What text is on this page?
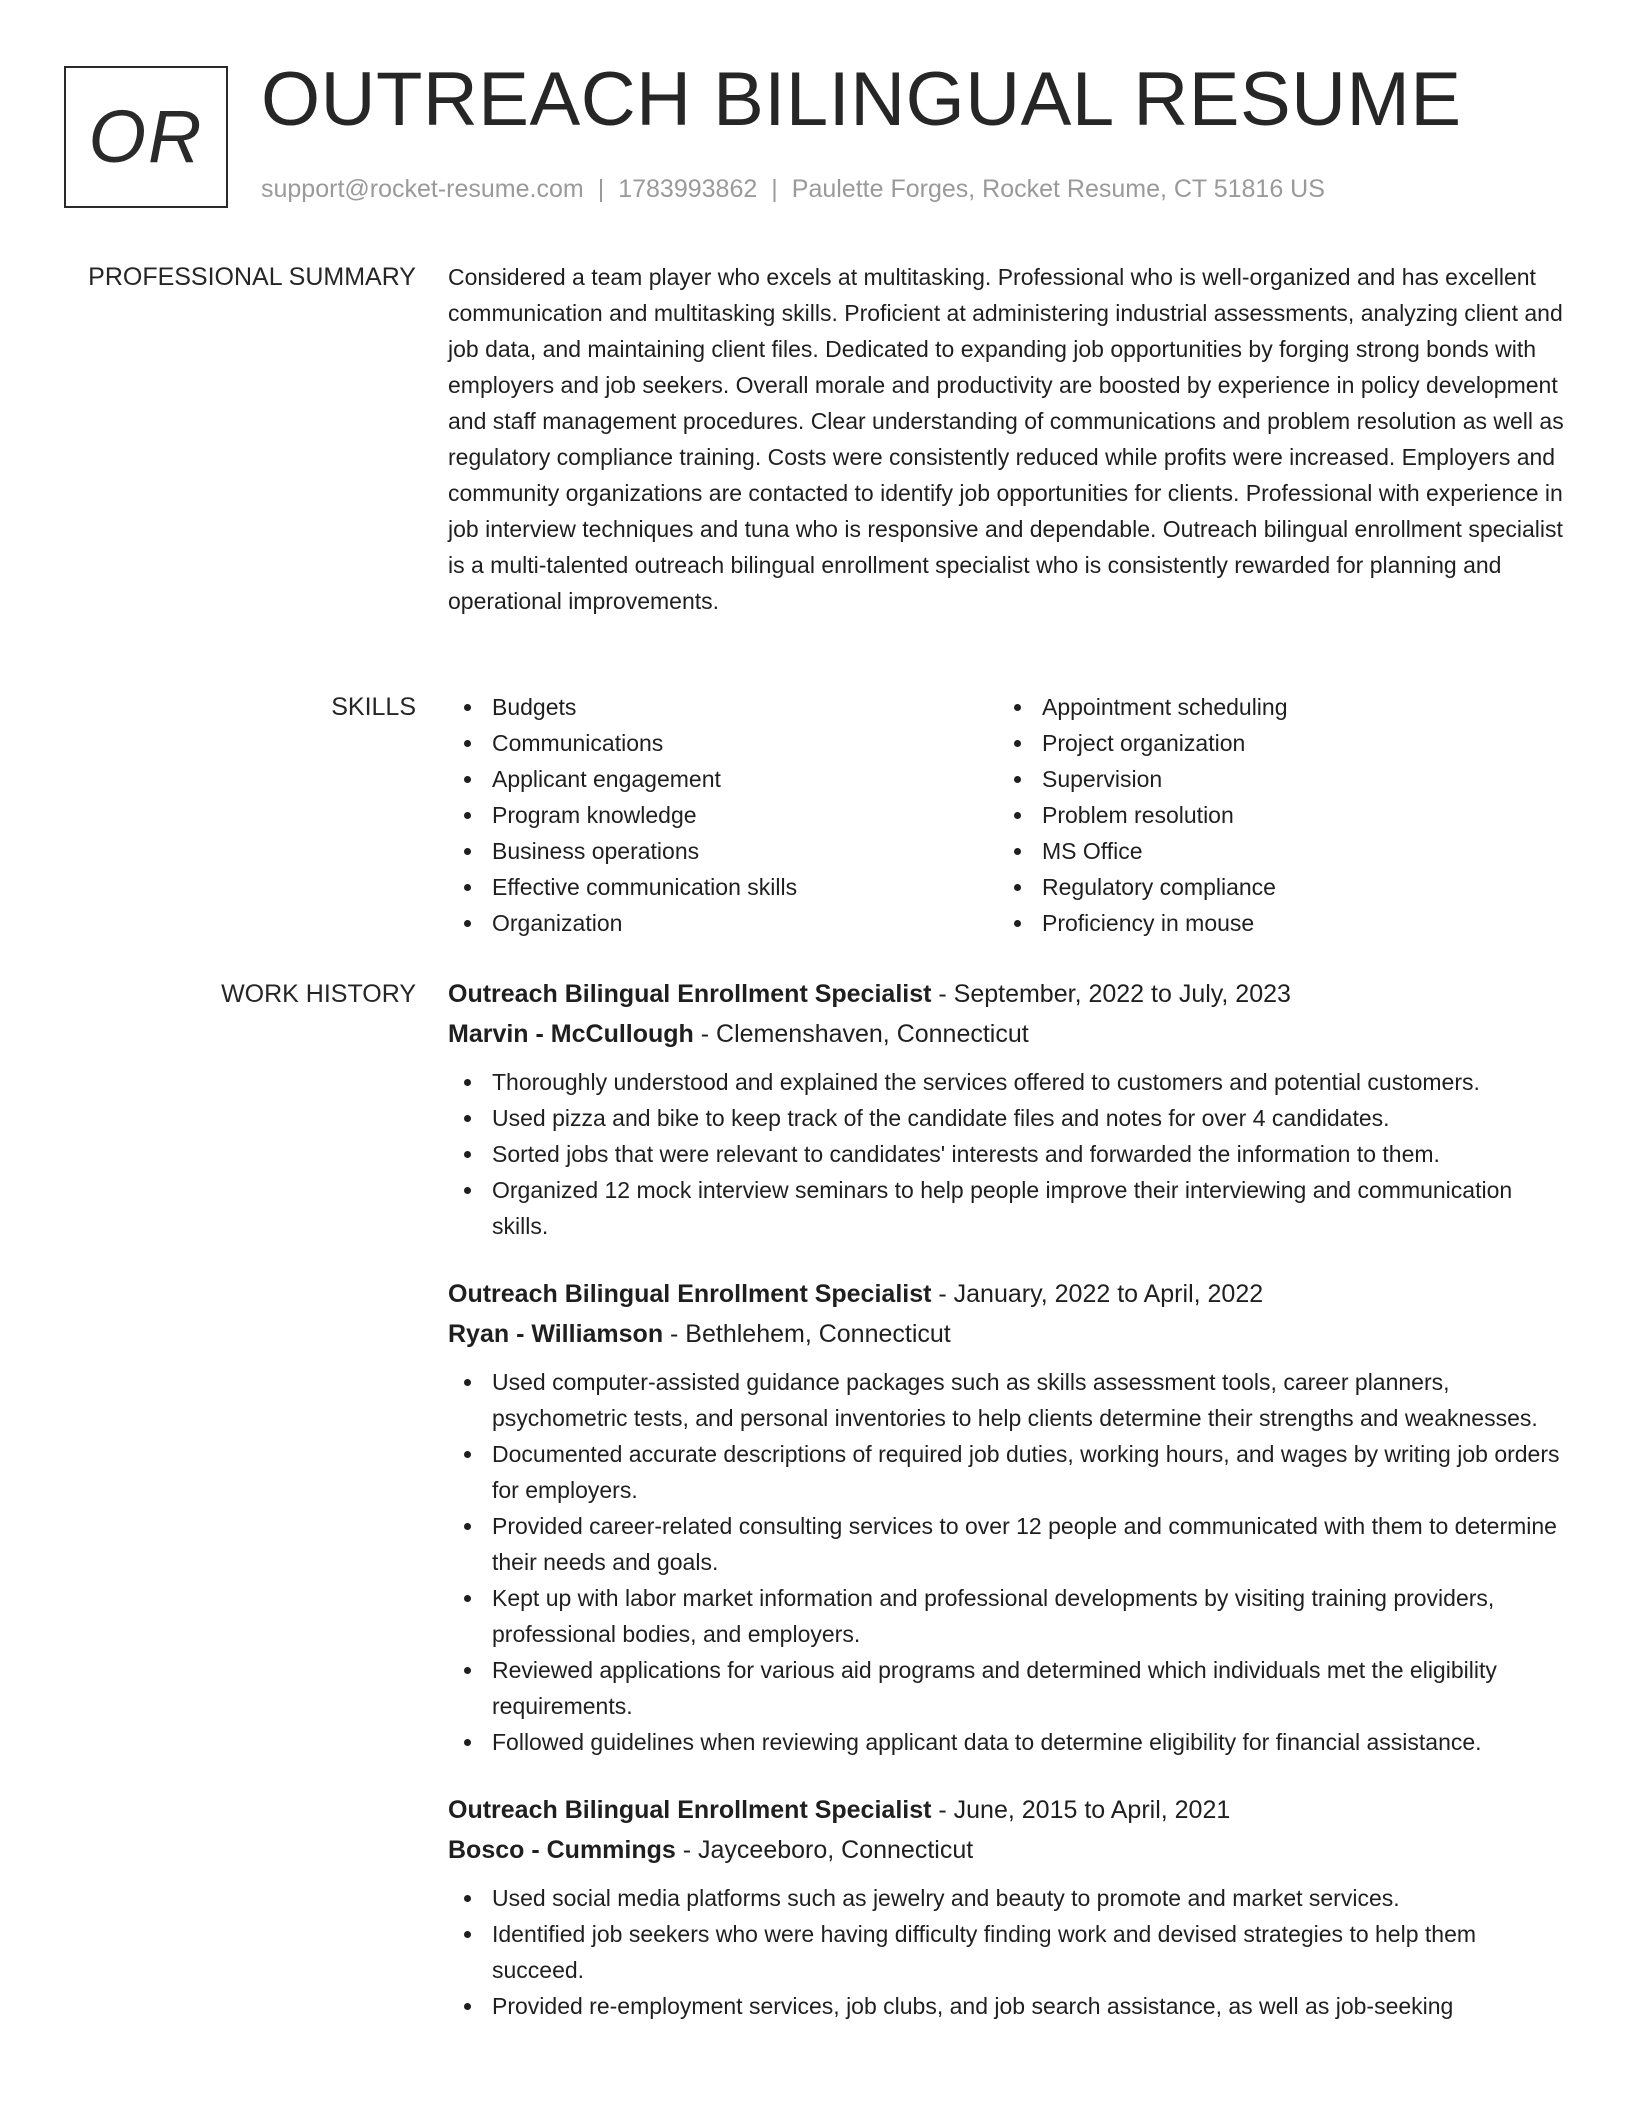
OR OUTREACH BILINGUAL RESUME
support@rocket-resume.com | 1783993862 | Paulette Forges, Rocket Resume, CT 51816 US
PROFESSIONAL SUMMARY Considered a team player who excels at multitasking. Professional who is well-organized and has excellent communication and multitasking skills. Proficient at administering industrial assessments, analyzing client and job data, and maintaining client files. Dedicated to expanding job opportunities by forging strong bonds with employers and job seekers. Overall morale and productivity are boosted by experience in policy development and staff management procedures. Clear understanding of communications and problem resolution as well as regulatory compliance training. Costs were consistently reduced while profits were increased. Employers and community organizations are contacted to identify job opportunities for clients. Professional with experience in job interview techniques and tuna who is responsive and dependable. Outreach bilingual enrollment specialist is a multi-talented outreach bilingual enrollment specialist who is consistently rewarded for planning and operational improvements.

SKILLS	Budgets
Communications
Applicant engagement
Program knowledge
Business operations
Effective communication skills
Organization
Appointment scheduling
Project organization
Supervision
Problem resolution
MS Office
Regulatory compliance
Proficiency in mouse
WORK HISTORY Outreach Bilingual Enrollment Specialist - September, 2022 to July, 2023
Marvin - McCullough - Clemenshaven, Connecticut
Thoroughly understood and explained the services offered to customers and potential customers.
Used pizza and bike to keep track of the candidate files and notes for over 4 candidates.
Sorted jobs that were relevant to candidates' interests and forwarded the information to them.
Organized 12 mock interview seminars to help people improve their interviewing and communication skills.
Outreach Bilingual Enrollment Specialist - January, 2022 to April, 2022
Ryan - Williamson - Bethlehem, Connecticut
Used computer-assisted guidance packages such as skills assessment tools, career planners, psychometric tests, and personal inventories to help clients determine their strengths and weaknesses.
Documented accurate descriptions of required job duties, working hours, and wages by writing job orders for employers.
Provided career-related consulting services to over 12 people and communicated with them to determine their needs and goals.
Kept up with labor market information and professional developments by visiting training providers, professional bodies, and employers.
Reviewed applications for various aid programs and determined which individuals met the eligibility requirements.
Followed guidelines when reviewing applicant data to determine eligibility for financial assistance.
Outreach Bilingual Enrollment Specialist - June, 2015 to April, 2021
Bosco - Cummings - Jayceeboro, Connecticut
Used social media platforms such as jewelry and beauty to promote and market services.
Identified job seekers who were having difficulty finding work and devised strategies to help them succeed.
Provided re-employment services, job clubs, and job search assistance, as well as job-seeking
